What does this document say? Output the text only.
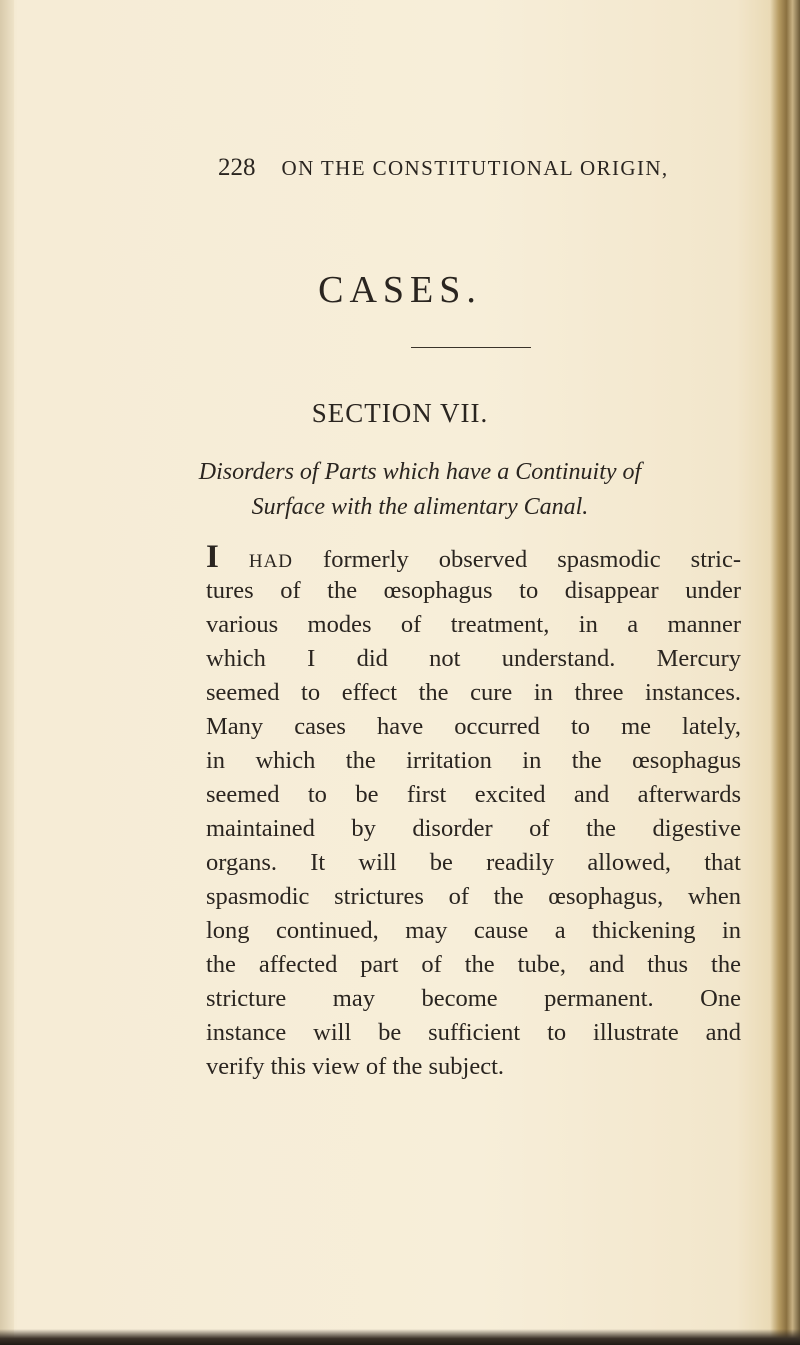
228 ON THE CONSTITUTIONAL ORIGIN,
CASES.
SECTION VII.
Disorders of Parts which have a Continuity of
Surface with the alimentary Canal.
I HAD formerly observed spasmodic stric-
tures of the œsophagus to disappear under
various modes of treatment, in a manner
which I did not understand. Mercury
seemed to effect the cure in three instances.
Many cases have occurred to me lately,
in which the irritation in the œsophagus
seemed to be first excited and afterwards
maintained by disorder of the digestive
organs. It will be readily allowed, that
spasmodic strictures of the œsophagus, when
long continued, may cause a thickening in
the affected part of the tube, and thus the
stricture may become permanent. One
instance will be sufficient to illustrate and
verify this view of the subject.
